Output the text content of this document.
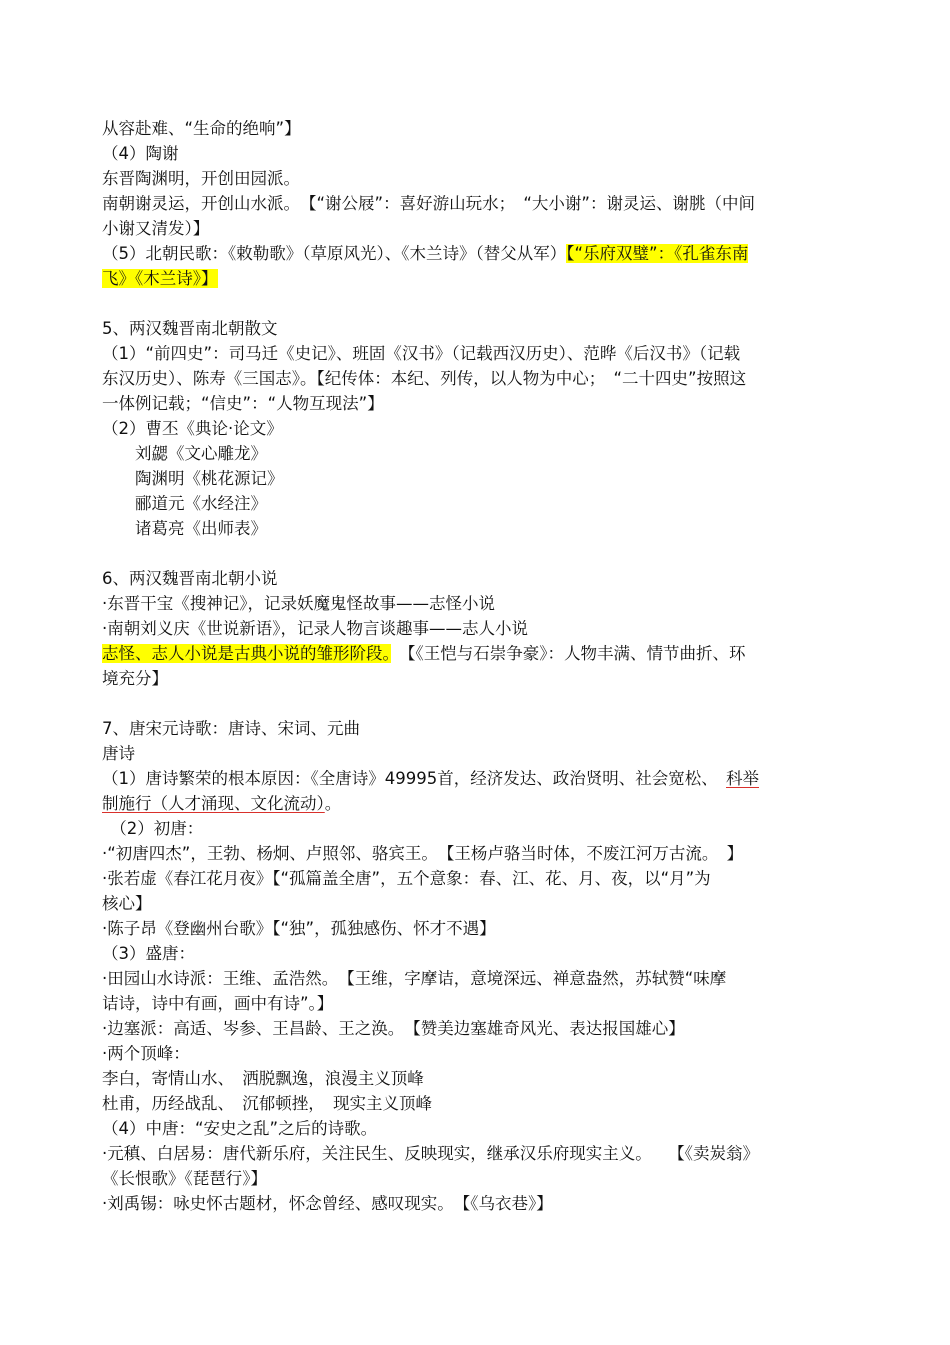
从容赴难、“生命的绝响”】

（4）陶谢

东晋陶渊明，开创田园派。

南朝谢灵运，开创山水派。　【“谢公屐”：喜好游山玩水；　“大小谢”：谢灵运、谢朓（中间

小谢又清发）】

（5）北朝民歌：《敕勒歌》（草原风光）、《木兰诗》（替父从军）【“乐府双璧”：《孔雀东南

飞》《木兰诗》】

5、两汉魏晋南北朝散文

（1）“前四史”：司马迁《史记》、班固《汉书》（记载西汉历史）、范晔《后汉书》（记载

东汉历史）、陈寿《三国志》。【纪传体：本纪、列传，以人物为中心；　“二十四史”按照这

一体例记载；“信史”：“人物互现法”】

（2）曹丕《典论·论文》

　　刘勰《文心雕龙》

　　陶渊明《桃花源记》

　　郦道元《水经注》

　　诸葛亮《出师表》

6、两汉魏晋南北朝小说

·东晋干宝《搜神记》，记录妖魔鬼怪故事——志怪小说

·南朝刘义庆《世说新语》，记录人物言谈趣事——志人小说

志怪、志人小说是古典小说的雏形阶段。　【《王恺与石崇争豪》：人物丰满、情节曲折、环

境充分】

7、唐宋元诗歌：唐诗、宋词、元曲

唐诗

（1）唐诗繁荣的根本原因：《全唐诗》49995首，经济发达、政治贤明、社会宽松、　科举

制施行（人才涌现、文化流动）。

　（2）初唐：

·“初唐四杰”，王勃、杨炯、卢照邻、骆宾王。　【王杨卢骆当时体，不废江河万古流。　】

·张若虚《春江花月夜》【“孤篇盖全唐”，五个意象：春、江、花、月、夜，以“月”为

核心】

·陈子昂《登幽州台歌》【“独”，孤独感伤、怀才不遇】

（3）盛唐：

·田园山水诗派：王维、孟浩然。　【王维，字摩诘，意境深远、禅意盎然，苏轼赞“味摩

诘诗，诗中有画，画中有诗”。】

·边塞派：高适、岑参、王昌龄、王之涣。　【赞美边塞雄奇风光、表达报国雄心】

·两个顶峰：

李白，寄情山水、　洒脱飘逸，浪漫主义顶峰

杜甫，历经战乱、　沉郁顿挫，　现实主义顶峰

（4）中唐：“安史之乱”之后的诗歌。

·元稹、白居易：唐代新乐府，关注民生、反映现实，继承汉乐府现实主义。　　【《卖炭翁》

《长恨歌》《琵琶行》】

·刘禹锡：咏史怀古题材，怀念曾经、感叹现实。　【《乌衣巷》】
